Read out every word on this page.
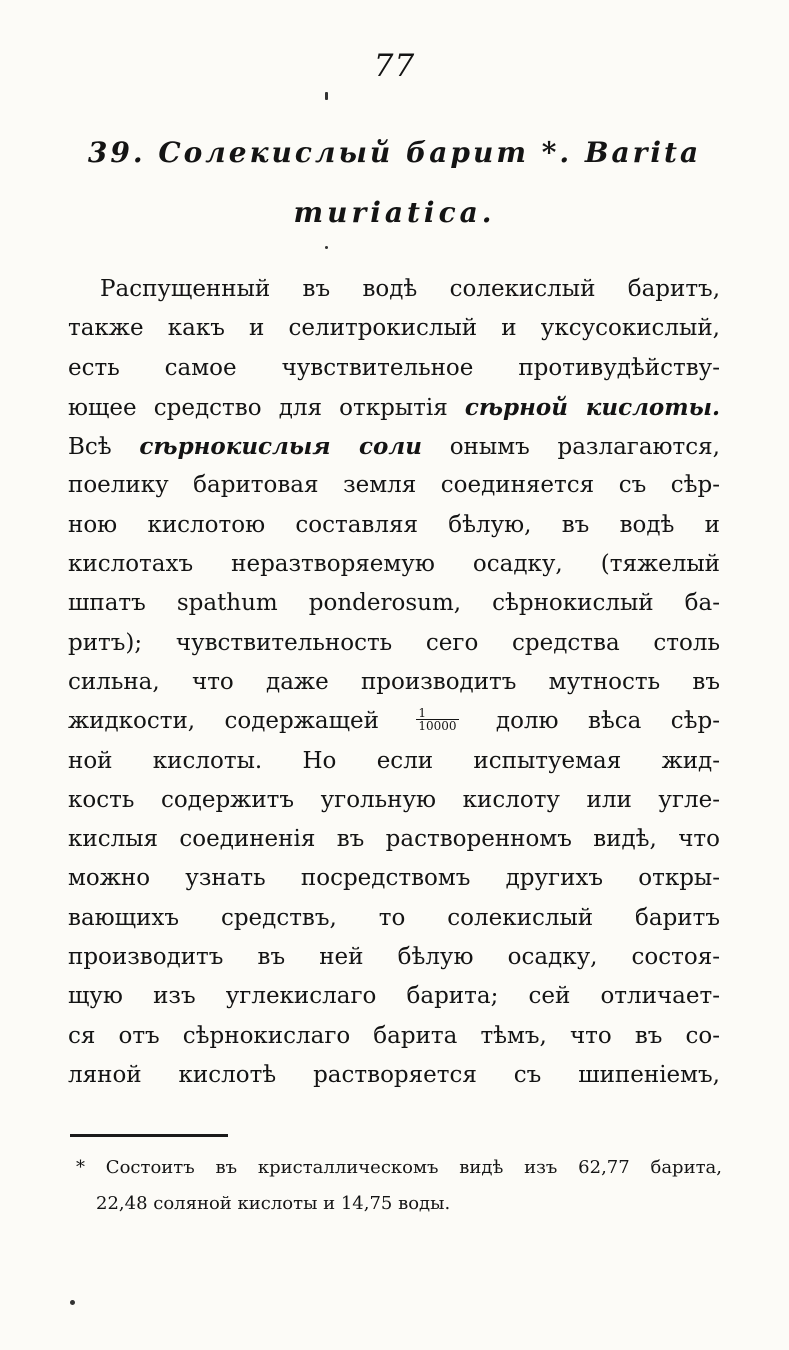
77
39. Солекислый барит *. Barita
muriatica.
Распущенный въ водѣ солекислый баритъ,
также какъ и селитрокислый и уксусокислый,
есть самое чувствительное противудѣйству-
ющее средство для открытія сѣрной кислоты.
Всѣ сѣрнокислыя соли онымъ разлагаются,
поелику баритовая земля соединяется съ сѣр-
ною кислотою составляя бѣлую, въ водѣ и
кислотахъ неразтворяемую осадку, (тяжелый
шпатъ spathum ponderosum, сѣрнокислый ба-
ритъ); чувствительность сего средства столь
сильна, что даже производитъ мутность въ
жидкости, содержащей $\frac{1}{10000}$ долю вѣса сѣр-
ной кислоты. Но если испытуемая жид-
кость содержитъ угольную кислоту или угле-
кислыя соединенія въ растворенномъ видѣ, что
можно узнать посредствомъ другихъ откры-
вающихъ средствъ, то солекислый баритъ
производитъ въ ней бѣлую осадку, состоя-
щую изъ углекислаго барита; сей отличает-
ся отъ сѣрнокислаго барита тѣмъ, что въ со-
ляной кислотѣ растворяется съ шипеніемъ,
* Состоитъ въ кристаллическомъ видѣ изъ 62,77 барита,
22,48 соляной кислоты и 14,75 воды.
